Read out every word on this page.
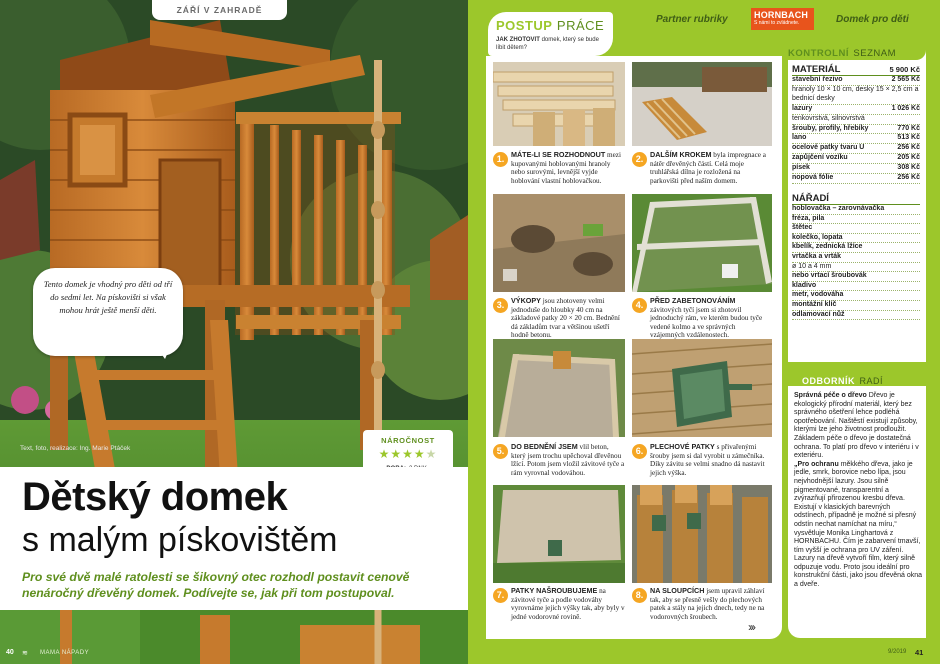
ZÁŘÍ V ZAHRADĚ
Tento domek je vhodný pro děti od tří do sedmi let. Na pískovišti si však mohou hrát ještě menší děti.
Text, foto, realizace: Ing. Marie Ptáček
NÁROČNOST
★★★★★
Dětský domek
s malým pískovištěm
Pro své dvě malé ratolesti se šikovný otec rozhodl postavit cenově nenáročný dřevěný domek. Podívejte se, jak při tom postupoval.
40	MAMA NÁPADY
≋
POSTUP PRÁCE
JAK ZHOTOVIT domek, který se bude líbit dětem?
Partner rubriky	HORNBACH
S námi to zvládnete.	Domek pro děti
1. MÁTE-LI SE ROZHODNOUT mezi kupovanými hoblovanými hranoly nebo surovými, levnější vyjde hoblování vlastní hoblovačkou.
2. DALŠÍM KROKEM byla impregnace a nátěr dřevěných částí. Celá moje truhlářská dílna je rozložená na parkovišti před naším domem.
3. VÝKOPY jsou zhotoveny velmi jednoduše do hloubky 40 cm na základové patky 20 × 20 cm. Bednění dá základům tvar a většinou ušetří hodně betonu.
4. PŘED ZABETONOVÁNÍM závitových tyčí jsem si zhotovil jednoduchý rám, ve kterém budou tyče vedené kolmo a ve správných vzájemných vzdálenostech.
5. DO BEDNĚNÍ JSEM vlil beton, který jsem trochu upěchoval dřevěnou lžící. Potom jsem vložil závitové tyče a rám vyrovnal vodováhou.
6. PLECHOVÉ PATKY s přivařenými šrouby jsem si dal vyrobit u zámečníka. Díky závitu se velmi snadno dá nastavit jejich výška.
7. PATKY NAŠROUBUJEME na závitové tyče a podle vodováhy vyrovnáme jejich výšky tak, aby byly v jedné vodorovné rovině.
8. NA SLOUPCÍCH jsem upravil záhlaví tak, aby se přesně vešly do plechových patek a stály na jejich dnech, tedy ne na vodorovných šroubech.
›››
KONTROLNÍ SEZNAM
MATERIÁL	5 900 Kč
stavební řezivo	2 565 Kč
hranoly 10 × 10 cm, desky 15 × 2,5 cm a bednicí desky
lazury	1 026 Kč
tenkovrstvá, silnovrstvá
šrouby, profily, hřebíky	770 Kč
lano	513 Kč
ocelové patky tvaru U	256 Kč
zapůjčení vozíku	205 Kč
písek	308 Kč
nopová fólie	256 Kč
NÁŘADÍ
hoblovačka – zarovnávačka
fréza, pila
štětec
kolečko, lopata
kbelík, zednická lžíce
vrtačka a vrták
ø 10 a 4 mm
nebo vrtací šroubovák
kladivo
metr, vodováha
montážní klíč
odlamovací nůž
ODBORNÍK RADÍ
Správná péče o dřevo Dřevo je ekologický přírodní materiál, který bez správného ošetření lehce podléhá opotřebování. Naštěstí existují způsoby, kterými lze jeho životnost prodloužit. Základem péče o dřevo je dostatečná ochrana. To platí pro dřevo v interiéru i v exteriéru.
„Pro ochranu měkkého dřeva, jako je jedle, smrk, borovice nebo lípa, jsou nejvhodnější lazury. Jsou silně pigmentované, transparentní a zvýrazňují přirozenou kresbu dřeva. Existují v klasických barevných odstínech, případně je možné si přesný odstín nechat namíchat na míru,“ vysvětluje Monika Linghartová z HORNBACHU. Čím je zabarvení tmavší, tím vyšší je ochrana pro UV záření. Lazury na dřevě vytvoří film, který silně odpuzuje vodu. Proto jsou ideální pro konstrukční části, jako jsou dřevěná okna a dveře.
9/2019 41
